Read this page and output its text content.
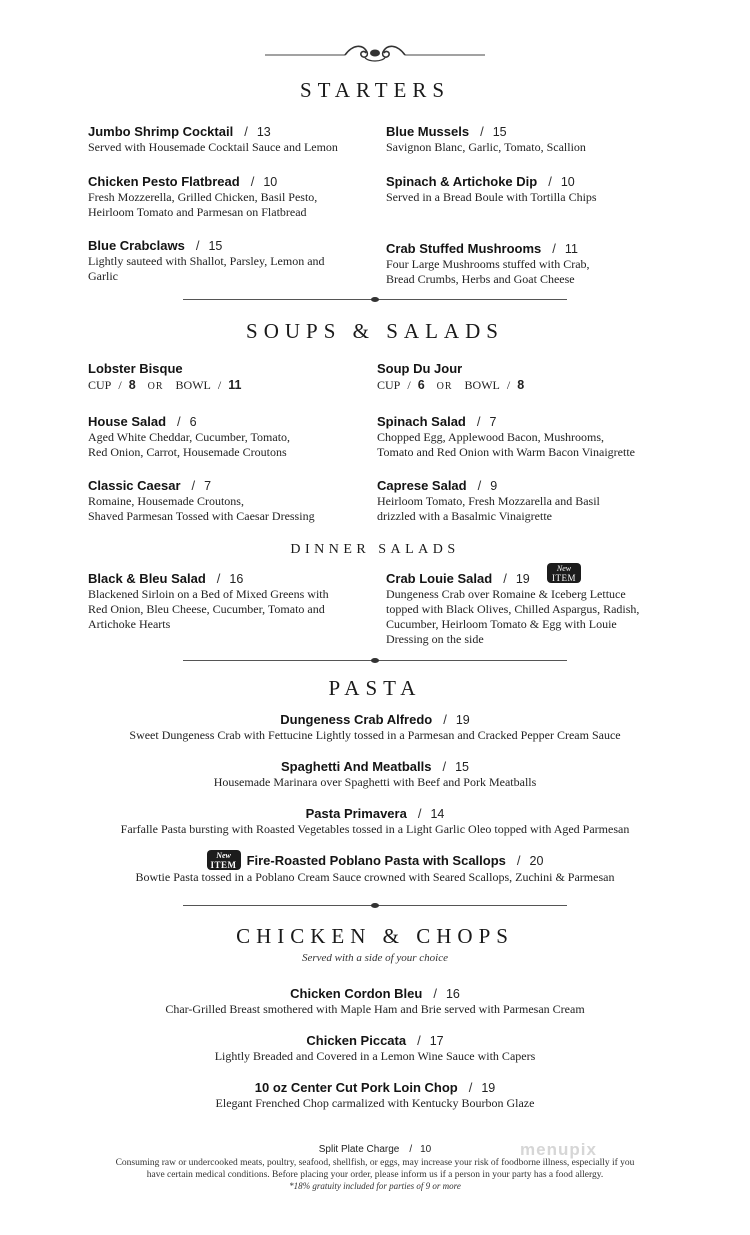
STARTERS
Jumbo Shrimp Cocktail / 13
Served with Housemade Cocktail Sauce and Lemon
Blue Mussels / 15
Savignon Blanc, Garlic, Tomato, Scallion
Chicken Pesto Flatbread / 10
Fresh Mozzerella, Grilled Chicken, Basil Pesto,
Heirloom Tomato and Parmesan on Flatbread
Spinach & Artichoke Dip / 10
Served in a Bread Boule with Tortilla Chips
Blue Crabclaws / 15
Lightly sauteed with Shallot, Parsley, Lemon and
Garlic
Crab Stuffed Mushrooms / 11
Four Large Mushrooms stuffed with Crab,
Bread Crumbs, Herbs and Goat Cheese
SOUPS & SALADS
Lobster Bisque
CUP / 8 OR BOWL / 11
Soup Du Jour
CUP / 6 OR BOWL / 8
House Salad / 6
Aged White Cheddar, Cucumber, Tomato,
Red Onion, Carrot, Housemade Croutons
Spinach Salad / 7
Chopped Egg, Applewood Bacon, Mushrooms,
Tomato and Red Onion with Warm Bacon Vinaigrette
Classic Caesar / 7
Romaine, Housemade Croutons,
Shaved Parmesan Tossed with Caesar Dressing
Caprese Salad / 9
Heirloom Tomato, Fresh Mozzarella and Basil
drizzled with a Basalmic Vinaigrette
DINNER SALADS
Black & Bleu Salad / 16
Blackened Sirloin on a Bed of Mixed Greens with
Red Onion, Bleu Cheese, Cucumber, Tomato and
Artichoke Hearts
Crab Louie Salad / 19
Dungeness Crab over Romaine & Iceberg Lettuce
topped with Black Olives, Chilled Aspargus, Radish,
Cucumber, Heirloom Tomato & Egg with Louie
Dressing on the side
New
ITEM
PASTA
Dungeness Crab Alfredo / 19
Sweet Dungeness Crab with Fettucine Lightly tossed in a Parmesan and Cracked Pepper Cream Sauce
Spaghetti And Meatballs / 15
Housemade Marinara over Spaghetti with Beef and Pork Meatballs
Pasta Primavera / 14
Farfalle Pasta bursting with Roasted Vegetables tossed in a Light Garlic Oleo topped with Aged Parmesan
New
ITEM Fire-Roasted Poblano Pasta with Scallops / 20
Bowtie Pasta tossed in a Poblano Cream Sauce crowned with Seared Scallops, Zuchini & Parmesan
CHICKEN & CHOPS
Served with a side of your choice
Chicken Cordon Bleu / 16
Char-Grilled Breast smothered with Maple Ham and Brie served with Parmesan Cream
Chicken Piccata / 17
Lightly Breaded and Covered in a Lemon Wine Sauce with Capers
10 oz Center Cut Pork Loin Chop / 19
Elegant Frenched Chop carmalized with Kentucky Bourbon Glaze
Split Plate Charge / 10
Consuming raw or undercooked meats, poultry, seafood, shellfish, or eggs, may increase your risk of foodborne illness, especially if you
have certain medical conditions. Before placing your order, please inform us if a person in your party has a food allergy.
*18% gratuity included for parties of 9 or more
menupix
